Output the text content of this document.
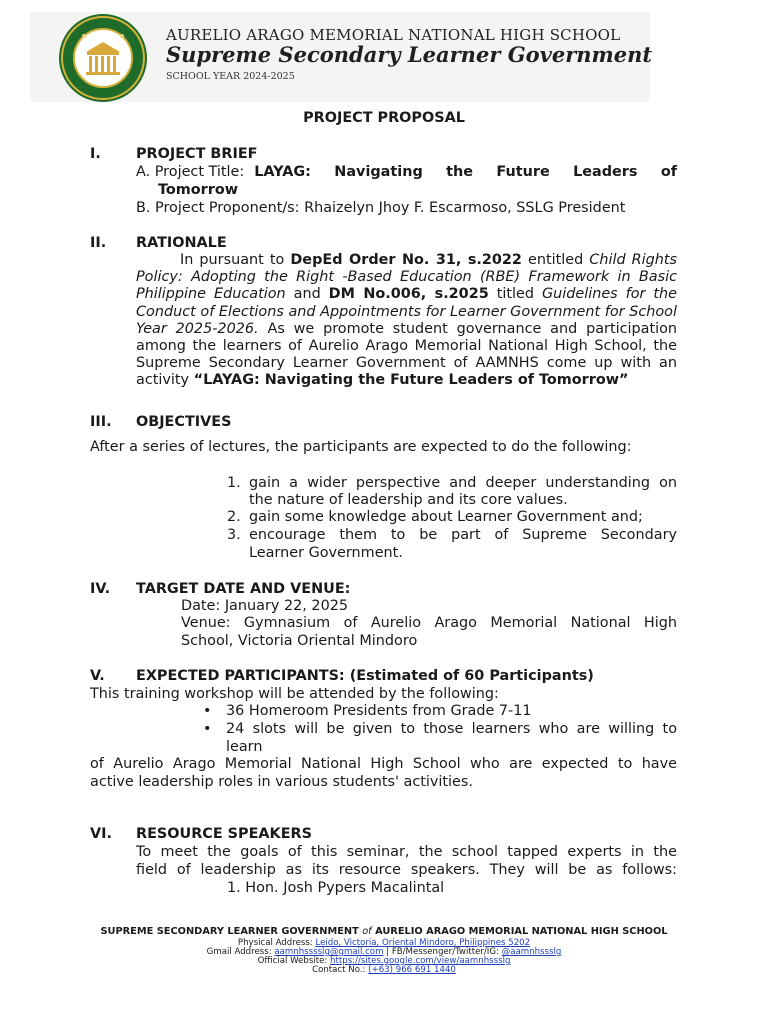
AURELIO ARAGO MEMORIAL NATIONAL HIGH SCHOOL
Supreme Secondary Learner Government
SCHOOL YEAR 2024-2025
PROJECT PROPOSAL
I. PROJECT BRIEF
A. Project Title: LAYAG: Navigating the Future Leaders of
Tomorrow
B. Project Proponent/s: Rhaizelyn Jhoy F. Escarmoso, SSLG President
II. RATIONALE
In pursuant to DepEd Order No. 31, s.2022 entitled Child Rights Policy: Adopting the Right -Based Education (RBE) Framework in Basic Philippine Education and DM No.006, s.2025 titled Guidelines for the Conduct of Elections and Appointments for Learner Government for School Year 2025-2026. As we promote student governance and participation among the learners of Aurelio Arago Memorial National High School, the Supreme Secondary Learner Government of AAMNHS come up with an activity “LAYAG: Navigating the Future Leaders of Tomorrow”
III. OBJECTIVES
After a series of lectures, the participants are expected to do the following:
1. gain a wider perspective and deeper understanding on
the nature of leadership and its core values.
2. gain some knowledge about Learner Government and;
3. encourage them to be part of Supreme Secondary
Learner Government.
IV. TARGET DATE AND VENUE:
Date: January 22, 2025
Venue: Gymnasium of Aurelio Arago Memorial National High
School, Victoria Oriental Mindoro
V. EXPECTED PARTICIPANTS: (Estimated of 60 Participants)
This training workshop will be attended by the following:
• 36 Homeroom Presidents from Grade 7-11
• 24 slots will be given to those learners who are willing to
learn
of Aurelio Arago Memorial National High School who are expected to have
active leadership roles in various students' activities.
VI. RESOURCE SPEAKERS
To meet the goals of this seminar, the school tapped experts in the
field of leadership as its resource speakers. They will be as follows:
1. Hon. Josh Pypers Macalintal
SUPREME SECONDARY LEARNER GOVERNMENT of AURELIO ARAGO MEMORIAL NATIONAL HIGH SCHOOL
Physical Address: Leido, Victoria, Oriental Mindoro, Philippines 5202
Gmail Address: aamnhsssslg@gmail.com | FB/Messenger/Twitter/IG: @aamnhssslg
Official Website: https://sites.google.com/view/aamnhssslg
Contact No.: (+63) 966 691 1440
